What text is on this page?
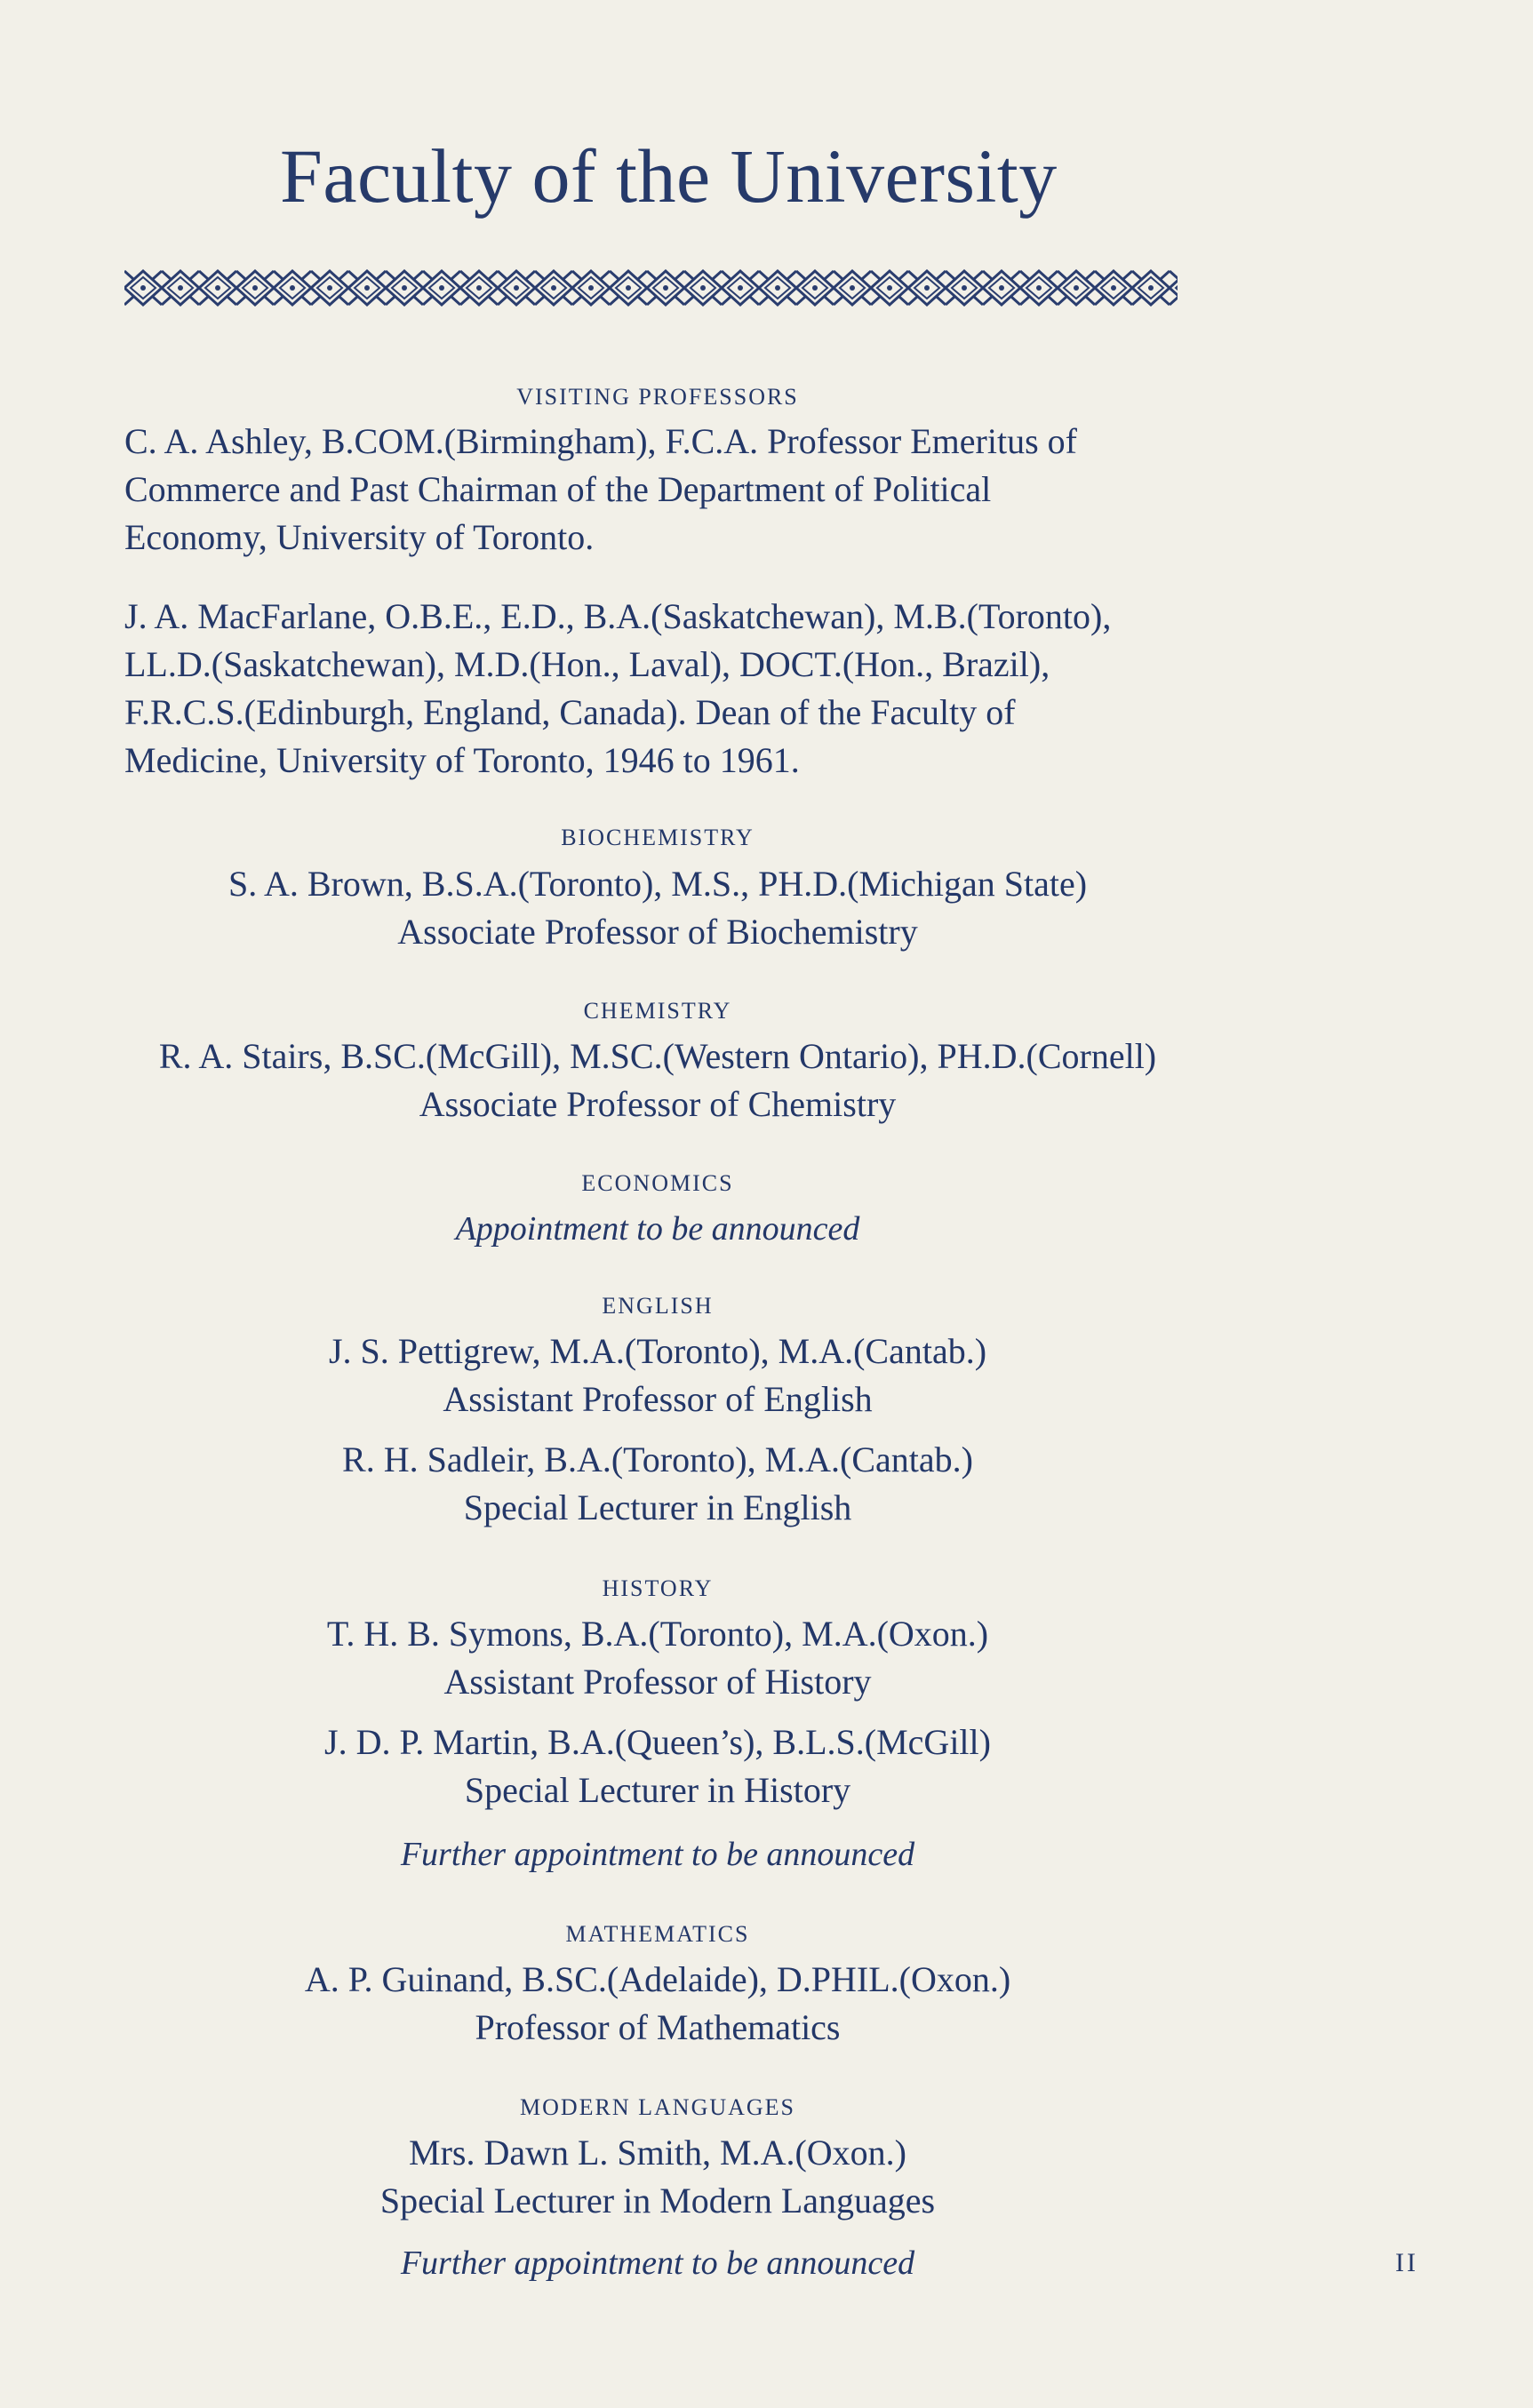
Faculty of the University

VISITING PROFESSORS

C. A. Ashley, B.COM.(Birmingham), F.C.A. Professor Emeritus of

Commerce and Past Chairman of the Department of Political

Economy, University of Toronto.

J. A. MacFarlane, O.B.E., E.D., B.A.(Saskatchewan), M.B.(Toronto),

LL.D.(Saskatchewan), M.D.(Hon., Laval), DOCT.(Hon., Brazil),

F.R.C.S.(Edinburgh, England, Canada). Dean of the Faculty of

Medicine, University of Toronto, 1946 to 1961.

BIOCHEMISTRY

S. A. Brown, B.S.A.(Toronto), M.S., PH.D.(Michigan State)

Associate Professor of Biochemistry

CHEMISTRY

R. A. Stairs, B.SC.(McGill), M.SC.(Western Ontario), PH.D.(Cornell)

Associate Professor of Chemistry

ECONOMICS

Appointment to be announced

ENGLISH

J. S. Pettigrew, M.A.(Toronto), M.A.(Cantab.)

Assistant Professor of English

R. H. Sadleir, B.A.(Toronto), M.A.(Cantab.)

Special Lecturer in English

HISTORY

T. H. B. Symons, B.A.(Toronto), M.A.(Oxon.)

Assistant Professor of History

J. D. P. Martin, B.A.(Queen’s), B.L.S.(McGill)

Special Lecturer in History

Further appointment to be announced

MATHEMATICS

A. P. Guinand, B.SC.(Adelaide), D.PHIL.(Oxon.)

Professor of Mathematics

MODERN LANGUAGES

Mrs. Dawn L. Smith, M.A.(Oxon.)

Special Lecturer in Modern Languages

Further appointment to be announced	II
